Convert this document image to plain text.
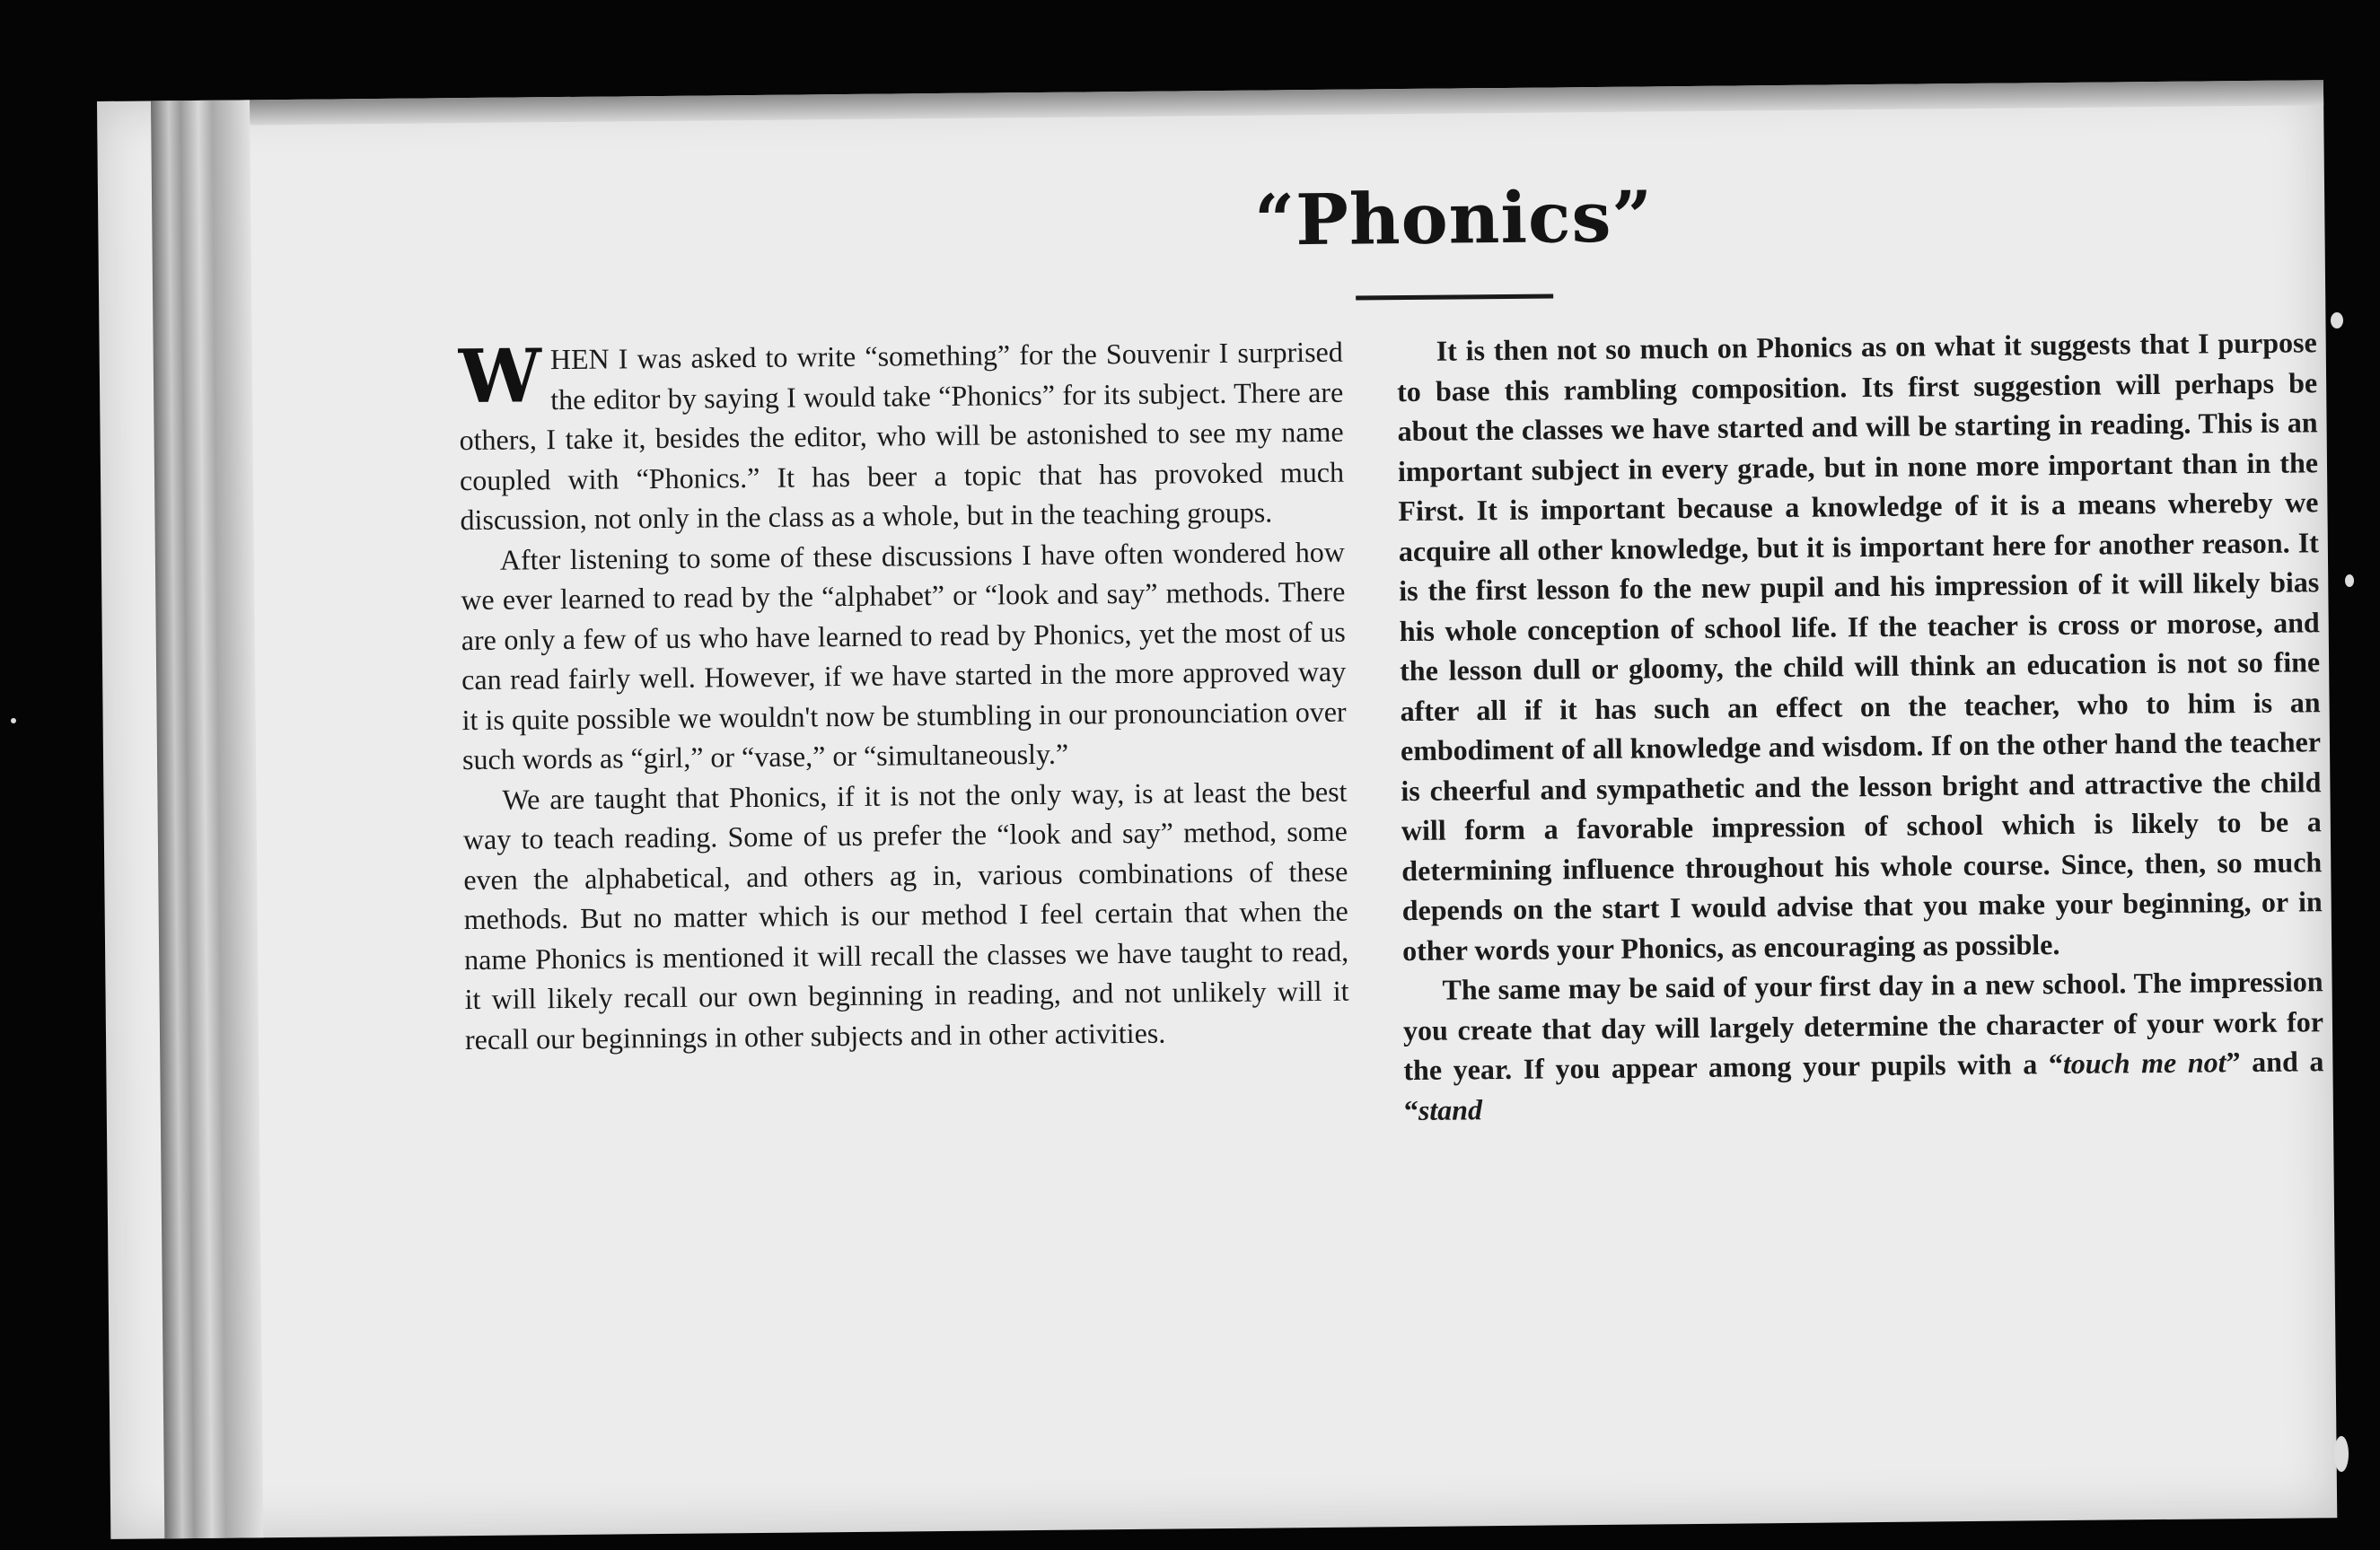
“Phonics”

WHEN I was asked to write “something” for the Souvenir I surprised the editor by saying I would take “Phonics” for its subject. There are others, I take it, besides the editor, who will be astonished to see my name coupled with “Phonics.” It has beer a topic that has provoked much discussion, not only in the class as a whole, but in the teaching groups.

After listening to some of these discussions I have often wondered how we ever learned to read by the “alphabet” or “look and say” methods. There are only a few of us who have learned to read by Phonics, yet the most of us can read fairly well. However, if we have started in the more approved way it is quite possible we wouldn't now be stumbling in our pronounciation over such words as “girl,” or “vase,” or “simultaneously.”

We are taught that Phonics, if it is not the only way, is at least the best way to teach reading. Some of us prefer the “look and say” method, some even the alphabetical, and others ag in, various combinations of these methods. But no matter which is our method I feel certain that when the name Phonics is mentioned it will recall the classes we have taught to read, it will likely recall our own beginning in reading, and not unlikely will it recall our beginnings in other subjects and in other activities.

It is then not so much on Phonics as on what it suggests that I purpose to base this rambling composition. Its first suggestion will perhaps be about the classes we have started and will be starting in reading. This is an important subject in every grade, but in none more important than in the First. It is important because a knowledge of it is a means whereby we acquire all other knowledge, but it is important here for another reason. It is the first lesson fo the new pupil and his impression of it will likely bias his whole conception of school life. If the teacher is cross or morose, and the lesson dull or gloomy, the child will think an education is not so fine after all if it has such an effect on the teacher, who to him is an embodiment of all knowledge and wisdom. If on the other hand the teacher is cheerful and sympathetic and the lesson bright and attractive the child will form a favorable impression of school which is likely to be a determining influence throughout his whole course. Since, then, so much depends on the start I would advise that you make your beginning, or in other words your Phonics, as encouraging as possible.

The same may be said of your first day in a new school. The impression you create that day will largely determine the character of your work for the year. If you appear among your pupils with a “touch me not” and a “stand
